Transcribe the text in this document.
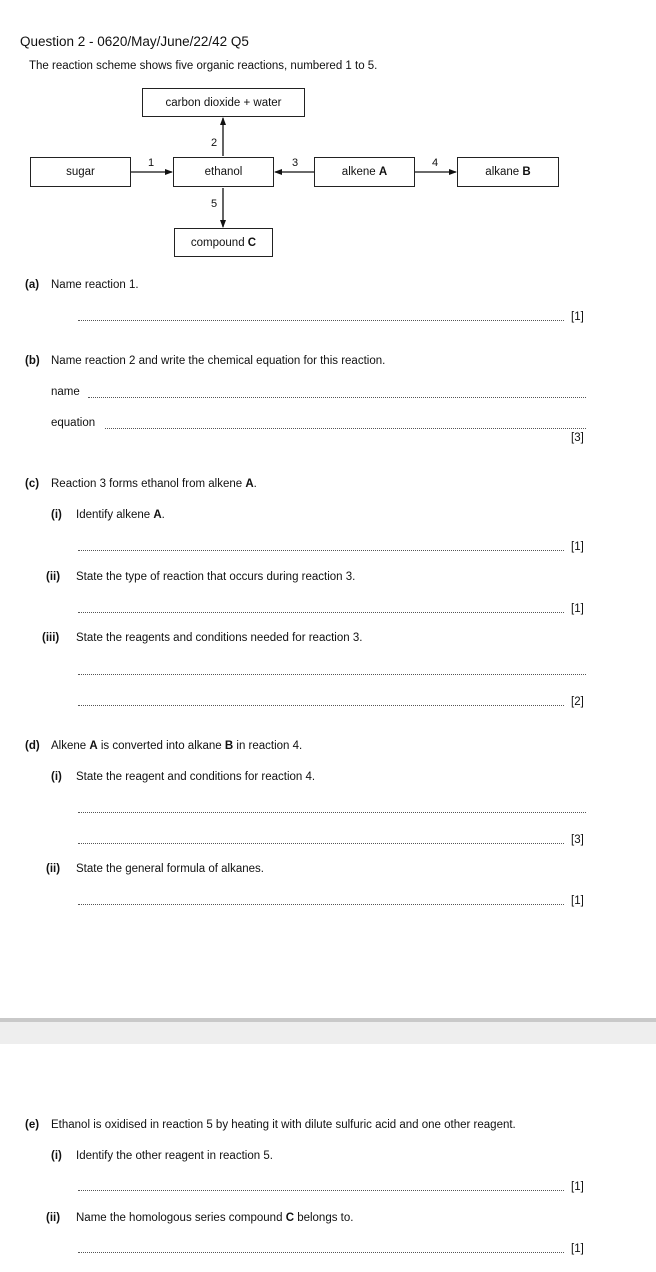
Question 2 - 0620/May/June/22/42 Q5
The reaction scheme shows five organic reactions, numbered 1 to 5.
carbon dioxide + water
sugar	ethanol	alkene A	alkane B
compound C
1
2
3	4
5
(a) Name reaction 1.
[1]
(b) Name reaction 2 and write the chemical equation for this reaction.
name
equation
[3]
(c) Reaction 3 forms ethanol from alkene A.
(i) Identify alkene A.
[1]
(ii) State the type of reaction that occurs during reaction 3.
[1]
(iii) State the reagents and conditions needed for reaction 3.
[2]
(d) Alkene A is converted into alkane B in reaction 4.
(i) State the reagent and conditions for reaction 4.
[3]
(ii) State the general formula of alkanes.
[1]
(e) Ethanol is oxidised in reaction 5 by heating it with dilute sulfuric acid and one other reagent.
(i) Identify the other reagent in reaction 5.
[1]
(ii) Name the homologous series compound C belongs to.
[1]
